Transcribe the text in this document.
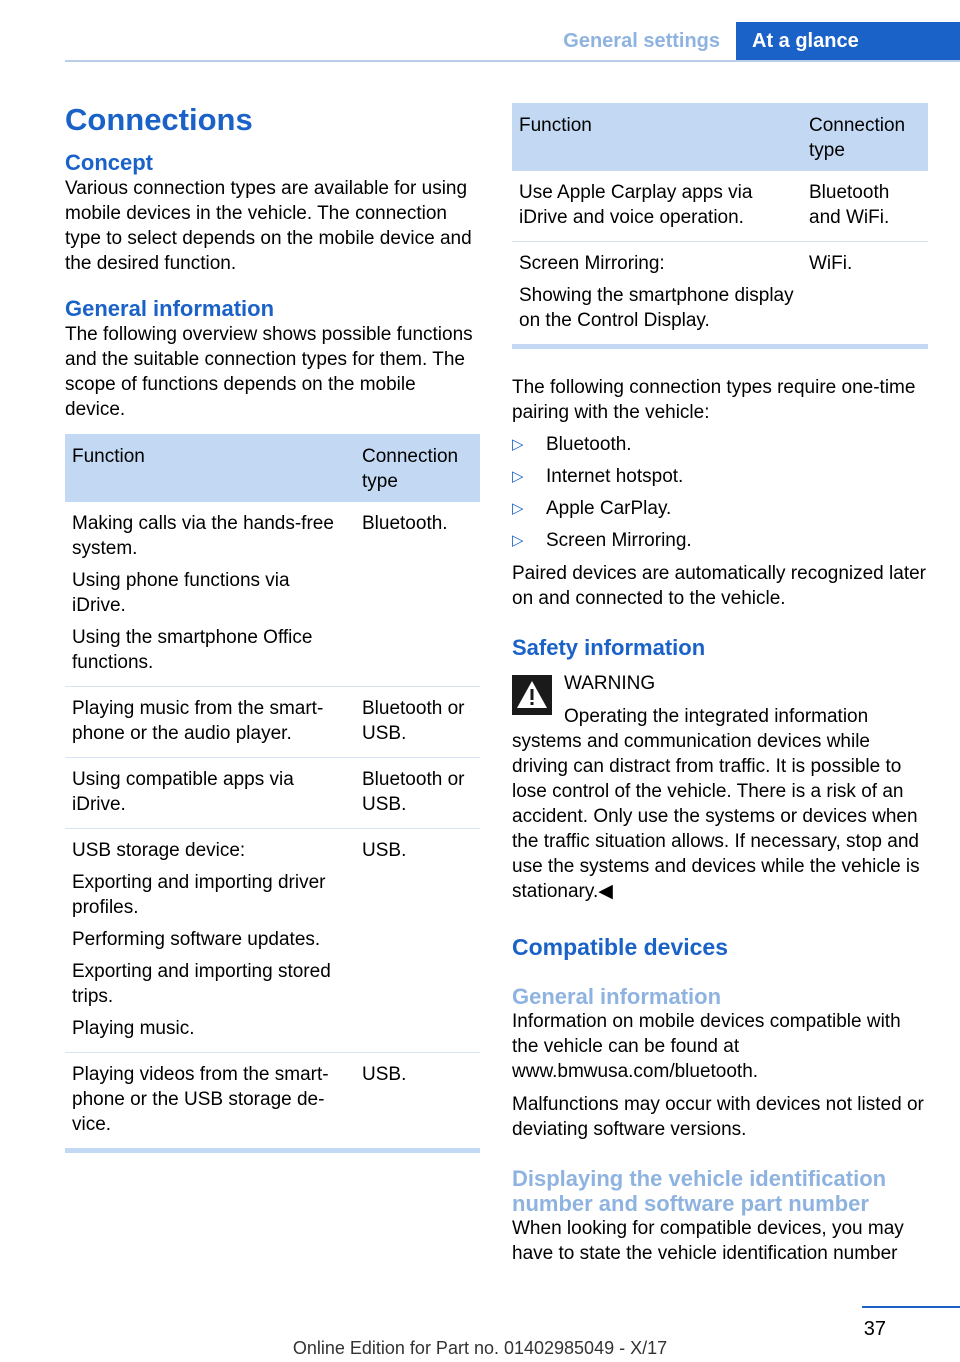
General settings	At a glance
Connections
Concept

Various connection types are available for using mobile devices in the vehicle. The connection type to select depends on the mobile device and the desired function.

General information

The following overview shows possible functions and the suitable connection types for them. The scope of functions depends on the mobile device.

Function	Connection type

Making calls via the hands-free system.

Using phone functions via iDrive.

Using the smartphone Office functions.	Bluetooth.

Playing music from the smartphone or the audio player.	Bluetooth or USB.

Using compatible apps via iDrive.	Bluetooth or USB.

USB storage device:

Exporting and importing driver profiles.

Performing software updates.

Exporting and importing stored trips.

Playing music.	USB.

Playing videos from the smartphone or the USB storage device.	USB.
Function	Connection type

Use Apple Carplay apps via iDrive and voice operation.	Bluetooth and WiFi.

Screen Mirroring:

Showing the smartphone display on the Control Display.	WiFi.

The following connection types require one-time pairing with the vehicle:

▷ Bluetooth.
▷ Internet hotspot.
▷ Apple CarPlay.
▷ Screen Mirroring.

Paired devices are automatically recognized later on and connected to the vehicle.

Safety information
WARNING

Operating the integrated information systems and communication devices while driving can distract from traffic. It is possible to lose control of the vehicle. There is a risk of an accident. Only use the systems or devices when the traffic situation allows. If necessary, stop and use the systems and devices while the vehicle is stationary.◀

Compatible devices
General information

Information on mobile devices compatible with the vehicle can be found at www.bmwusa.com/bluetooth.

Malfunctions may occur with devices not listed or deviating software versions.

Displaying the vehicle identification number and software part number

When looking for compatible devices, you may have to state the vehicle identification number

37
Online Edition for Part no. 01402985049 - X/17
